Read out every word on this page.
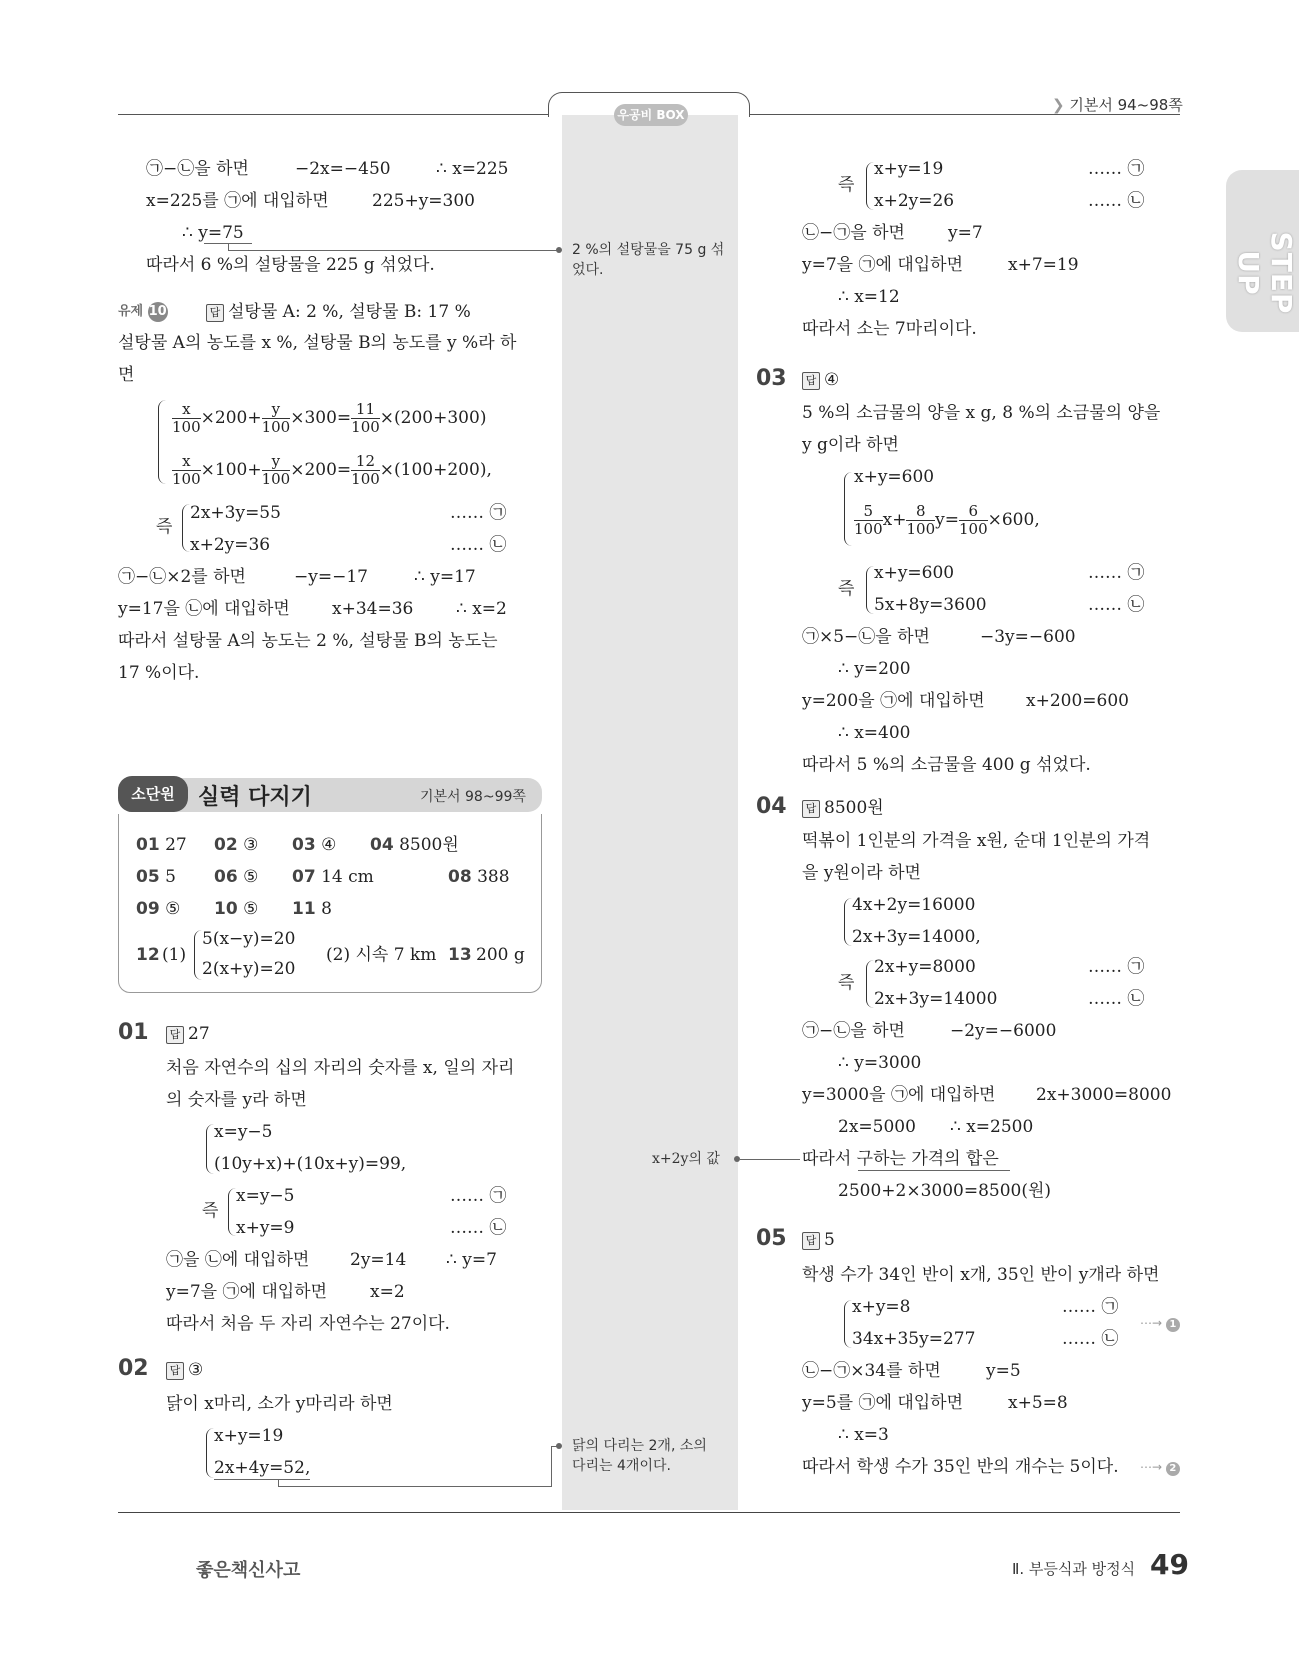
우공비 BOX
❯ 기본서 94~98쪽
STEP UP
㉠−㉡을 하면	−2x=−450	∴ x=225
x=225를 ㉠에 대입하면	225+y=300
∴ y=75
따라서 6 %의 설탕물을 225 g 섞었다.
2 %의 설탕물을 75 g 섞
었다.
유제 10	답 설탕물 A: 2 %, 설탕물 B: 17 %
설탕물 A의 농도를 x %, 설탕물 B의 농도를 y %라 하
면
$\frac{x}{100} \times 200+ \frac{y}{100} \times 300= \frac{11}{100} \times(200+300)$
$\frac{x}{100} \times 100+ \frac{y}{100} \times 200= \frac{12}{100} \times(100+200)$,
즉
2x+3y=55	…… ㉠
x+2y=36	…… ㉡
㉠−㉡×2를 하면	−y=−17	∴ y=17
y=17을 ㉡에 대입하면 x+34=36	∴ x=2
따라서 설탕물 A의 농도는 2 %, 설탕물 B의 농도는
17 %이다.
소단원	실력 다지기	기본서 98~99쪽
01 27 02 ③ 03 ④ 04 8500원
05 5 06 ⑤ 07 14 cm	08 388
09 ⑤ 10 ⑤ 11 8
12 (1)
5(x−y)=20
2(x+y)=20
(2) 시속 7 km 13 200 g
01	답 27
처음 자연수의 십의 자리의 숫자를 x, 일의 자리
의 숫자를 y라 하면
x=y−5
(10y+x)+(10x+y)=99,
즉
x=y−5	…… ㉠
x+y=9	…… ㉡
㉠을 ㉡에 대입하면 2y=14 ∴ y=7
y=7을 ㉠에 대입하면	x=2
따라서 처음 두 자리 자연수는 27이다.
02	답 ③
닭이 x마리, 소가 y마리라 하면
x+y=19
2x+4y=52,
닭의 다리는 2개, 소의
다리는 4개이다.
즉
x+y=19	…… ㉠
x+2y=26	…… ㉡
㉡−㉠을 하면	y=7
y=7을 ㉠에 대입하면	x+7=19
∴ x=12
따라서 소는 7마리이다.
03	답 ④
5 %의 소금물의 양을 x g, 8 %의 소금물의 양을
y g이라 하면
x+y=600
$\frac{5}{100} x+ \frac{8}{100} y= \frac{6}{100} \times 600$,
즉
x+y=600	…… ㉠
5x+8y=3600	…… ㉡
㉠×5−㉡을 하면	−3y=−600
∴ y=200
y=200을 ㉠에 대입하면 x+200=600
∴ x=400
따라서 5 %의 소금물을 400 g 섞었다.
04	답 8500원
떡볶이 1인분의 가격을 x원, 순대 1인분의 가격
을 y원이라 하면
4x+2y=16000
2x+3y=14000,
즉
2x+y=8000	…… ㉠
2x+3y=14000	…… ㉡
㉠−㉡을 하면	−2y=−6000
∴ y=3000
y=3000을 ㉠에 대입하면 2x+3000=8000
2x=5000 ∴ x=2500
따라서 구하는 가격의 합은
x+2y의 값
2500+2×3000=8500(원)
05	답 5
학생 수가 34인 반이 x개, 35인 반이 y개라 하면
x+y=8	…… ㉠
34x+35y=277	…… ㉡
⋯→ 1
㉡−㉠×34를 하면	y=5
y=5를 ㉠에 대입하면	x+5=8
∴ x=3
따라서 학생 수가 35인 반의 개수는 5이다. ⋯→ 2
좋은책신사고	Ⅱ. 부등식과 방정식 49
